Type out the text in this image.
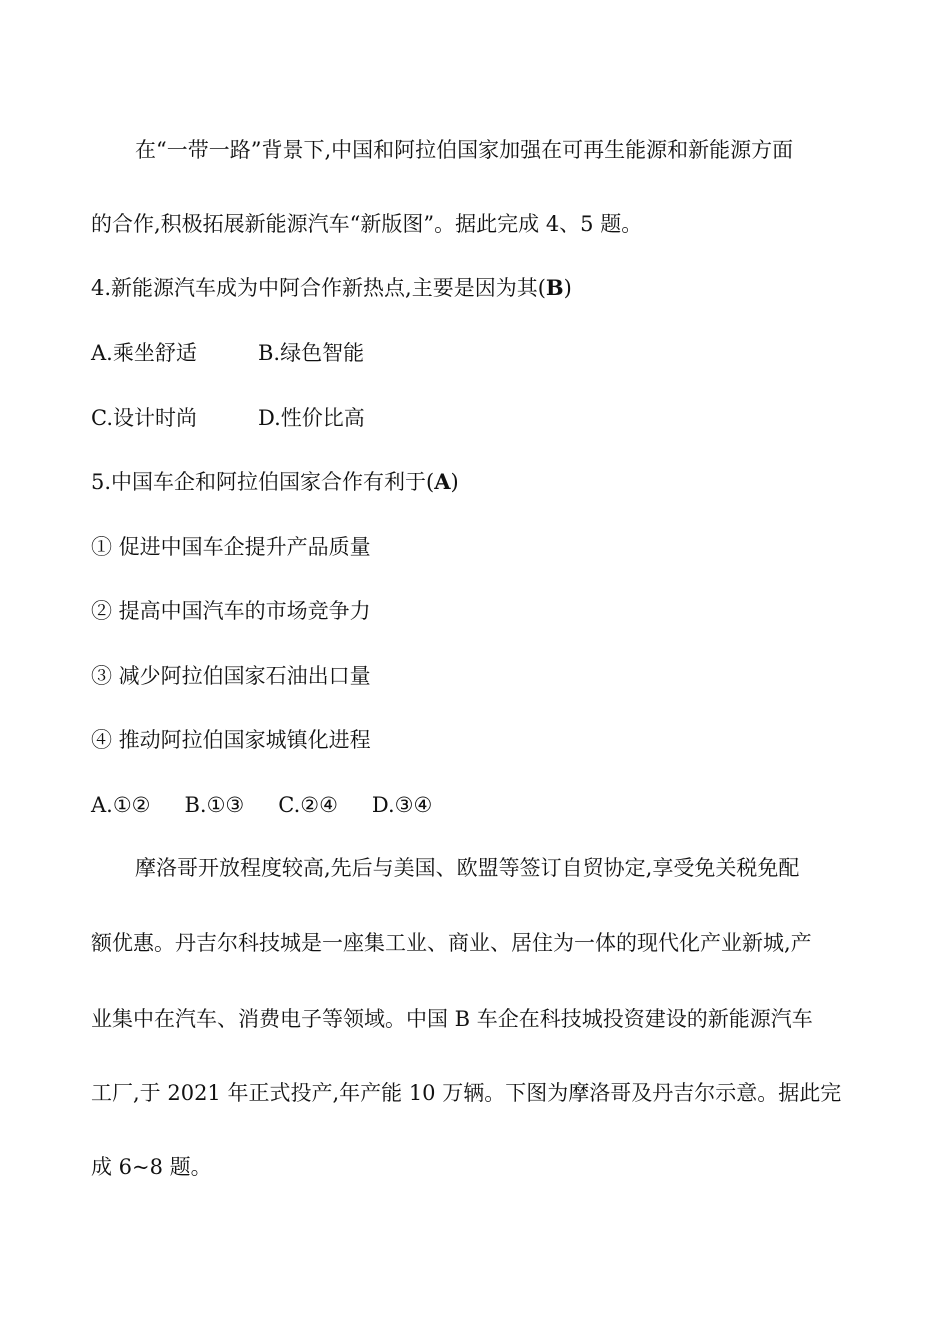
在“一带一路”背景下,中国和阿拉伯国家加强在可再生能源和新能源方面
的合作,积极拓展新能源汽车“新版图”。据此完成 4、5 题。
4.新能源汽车成为中阿合作新热点,主要是因为其(B)
A.乘坐舒适	B.绿色智能
C.设计时尚	D.性价比高
5.中国车企和阿拉伯国家合作有利于(A)
① 促进中国车企提升产品质量
② 提高中国汽车的市场竞争力
③ 减少阿拉伯国家石油出口量
④ 推动阿拉伯国家城镇化进程
A.①② B.①③ C.②④ D.③④
摩洛哥开放程度较高,先后与美国、欧盟等签订自贸协定,享受免关税免配
额优惠。丹吉尔科技城是一座集工业、商业、居住为一体的现代化产业新城,产
业集中在汽车、消费电子等领域。中国 B 车企在科技城投资建设的新能源汽车
工厂,于 2021 年正式投产,年产能 10 万辆。下图为摩洛哥及丹吉尔示意。据此完
成 6~8 题。
